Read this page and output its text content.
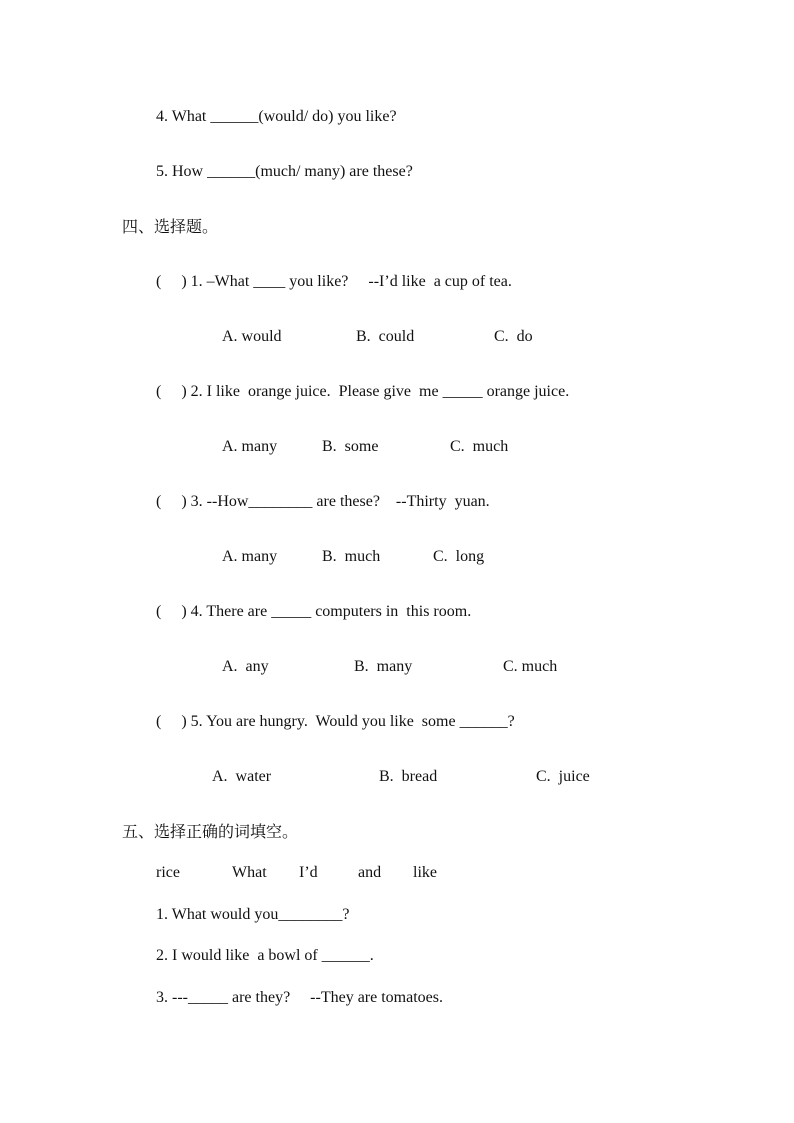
4. What ______(would/ do) you like?
5. How ______(much/ many) are these?
四、选择题。
(     ) 1. –What ____ you like?     --I’d like  a cup of tea.
A. would	B.  could	C.  do
(     ) 2. I like  orange juice.  Please give  me _____ orange juice.
A. many	B.  some	C.  much
(     ) 3. --How________ are these?    --Thirty  yuan.
A. many	B.  much	C.  long
(     ) 4. There are _____ computers in  this room.
A.  any	B.  many	C. much
(     ) 5. You are hungry.  Would you like  some ______?
A.  water	B.  bread	C.  juice
五、选择正确的词填空。
rice	What I’d	and like
1. What would you________?
2. I would like  a bowl of ______.
3. ---_____ are they?     --They are tomatoes.
